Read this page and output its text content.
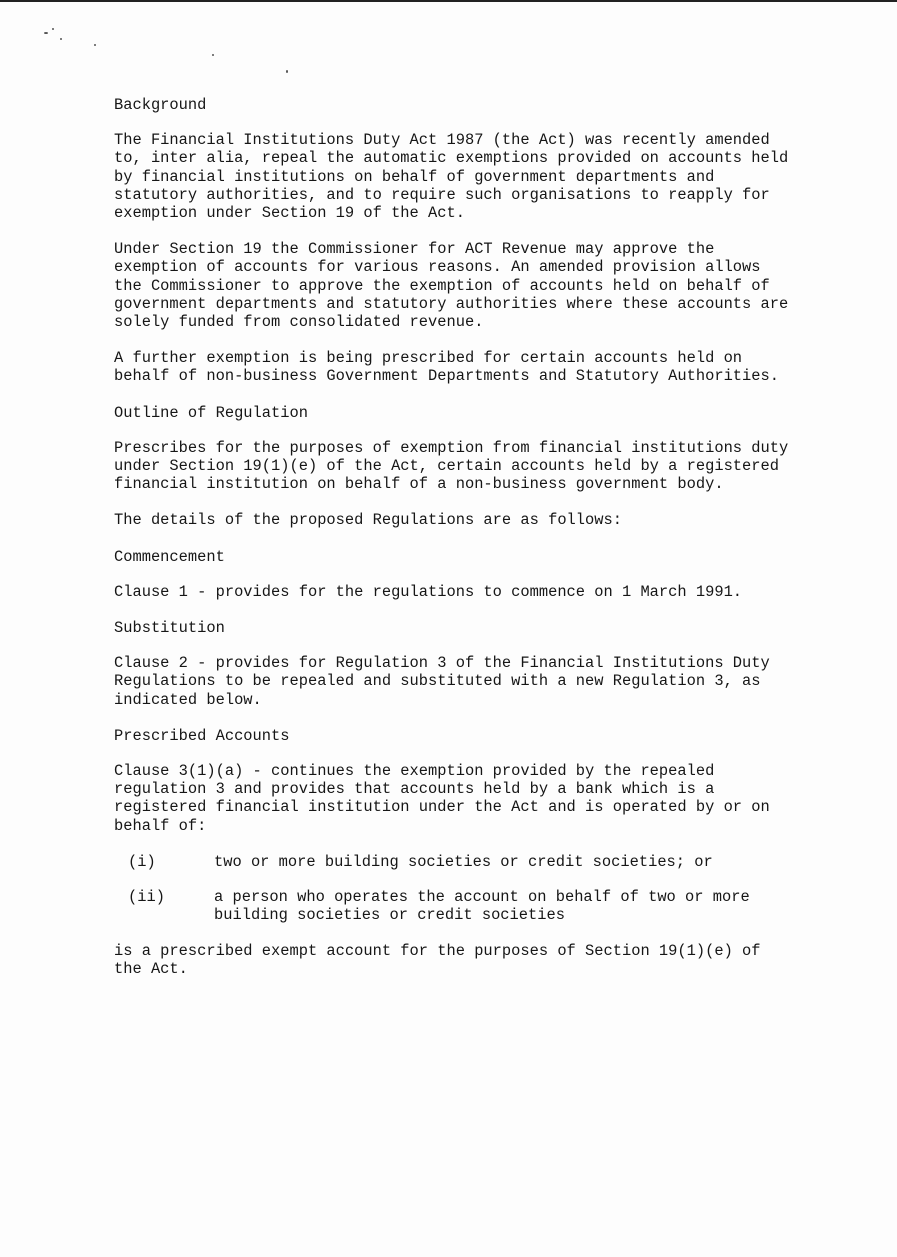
Background
The Financial Institutions Duty Act 1987 (the Act) was recently amended to, inter alia, repeal the automatic exemptions provided on accounts held by financial institutions on behalf of government departments and statutory authorities, and to require such organisations to reapply for exemption under Section 19 of the Act.
Under Section 19 the Commissioner for ACT Revenue may approve the exemption of accounts for various reasons. An amended provision allows the Commissioner to approve the exemption of accounts held on behalf of government departments and statutory authorities where these accounts are solely funded from consolidated revenue.
A further exemption is being prescribed for certain accounts held on behalf of non-business Government Departments and Statutory Authorities.
Outline of Regulation
Prescribes for the purposes of exemption from financial institutions duty under Section 19(1)(e) of the Act, certain accounts held by a registered financial institution on behalf of a non-business government body.
The details of the proposed Regulations are as follows:
Commencement
Clause 1 - provides for the regulations to commence on 1 March 1991.
Substitution
Clause 2 - provides for Regulation 3 of the Financial Institutions Duty Regulations to be repealed and substituted with a new Regulation 3, as indicated below.
Prescribed Accounts
Clause 3(1)(a) - continues the exemption provided by the repealed regulation 3 and provides that accounts held by a bank which is a registered financial institution under the Act and is operated by or on behalf of:
(i)	two or more building societies or credit societies; or
(ii)	a person who operates the account on behalf of two or more building societies or credit societies
is a prescribed exempt account for the purposes of Section 19(1)(e) of the Act.
